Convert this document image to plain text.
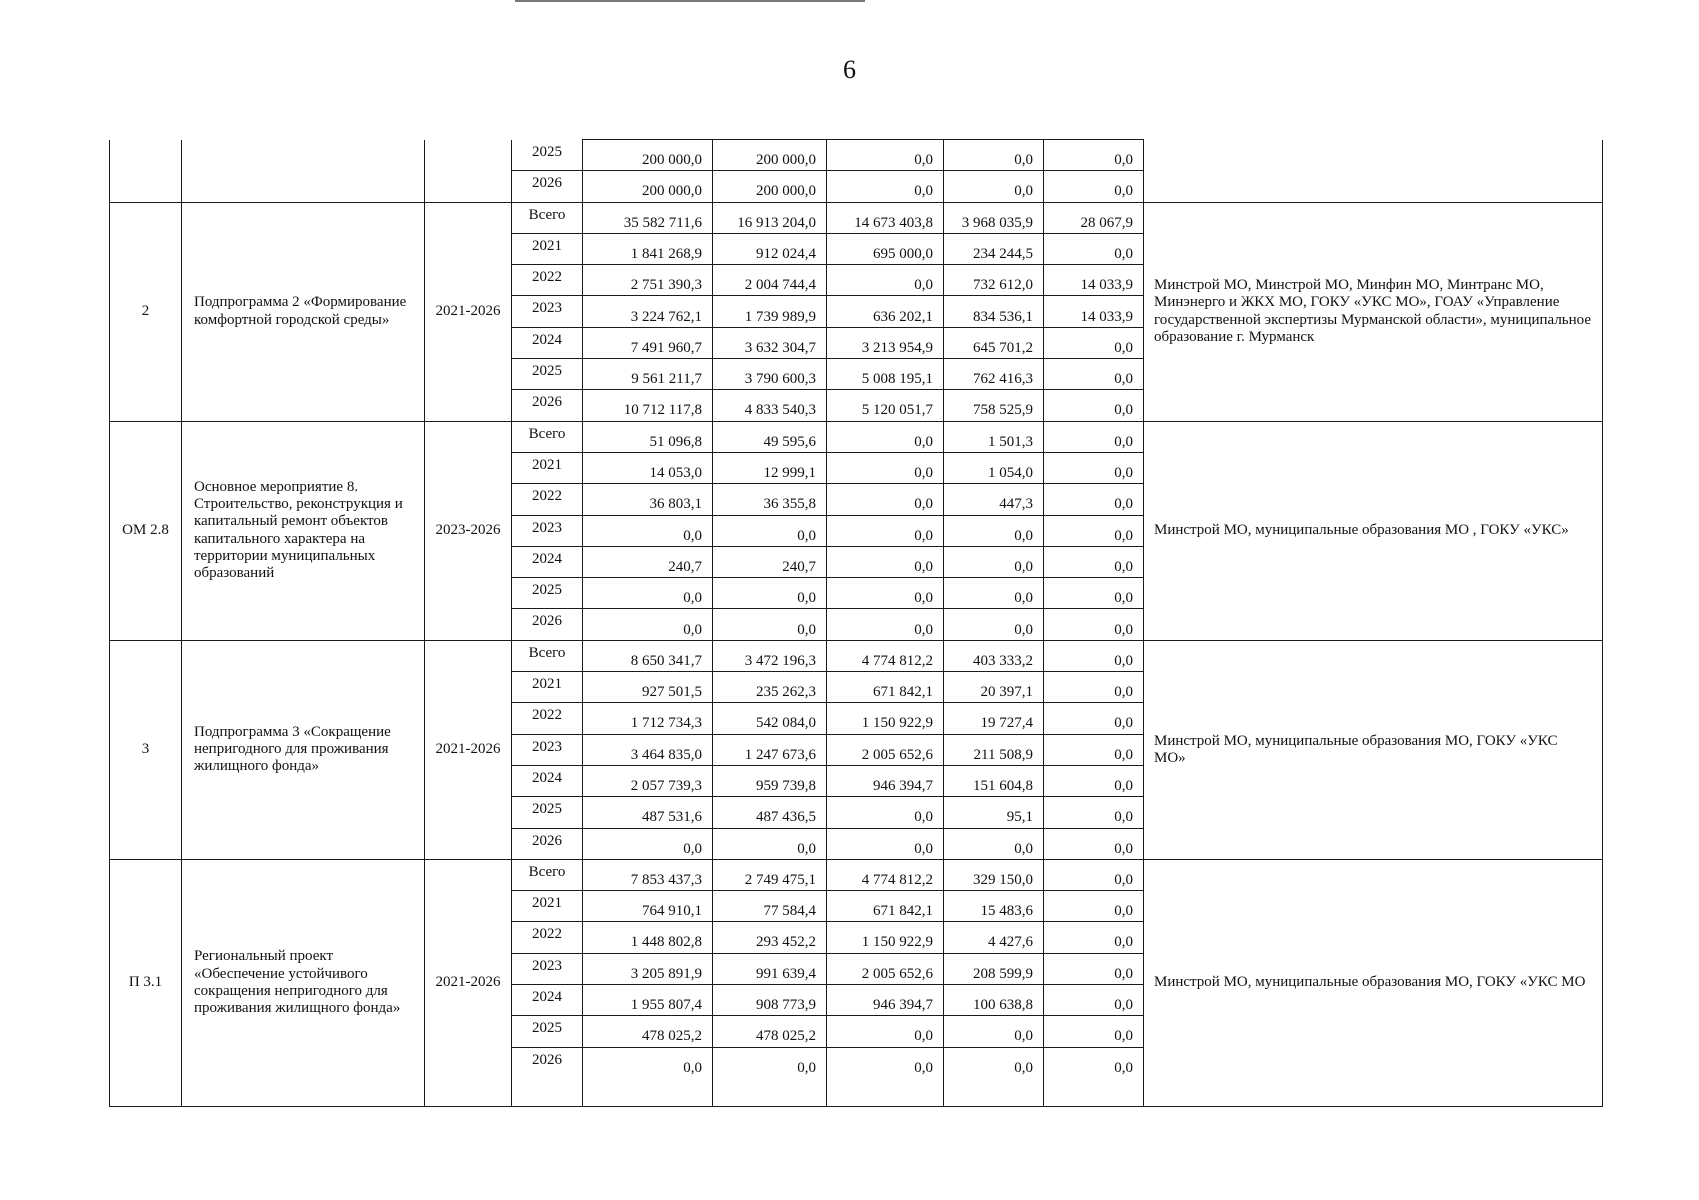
6
			2025	200 000,0	200 000,0	0,0	0,0	0,0	
			2026	200 000,0	200 000,0	0,0	0,0	0,0	
2	Подпрограмма 2 «Формирование комфортной городской среды»	2021-2026	Всего	35 582 711,6	16 913 204,0	14 673 403,8	3 968 035,9	28 067,9	Минстрой МО, Минстрой МО, Минфин МО, Минтранс МО, Минэнерго и ЖКХ МО, ГОКУ «УКС МО», ГОАУ «Управление государственной экспертизы Мурманской области», муниципальное образование г. Мурманск
			2021	1 841 268,9	912 024,4	695 000,0	234 244,5	0,0	
			2022	2 751 390,3	2 004 744,4	0,0	732 612,0	14 033,9	
			2023	3 224 762,1	1 739 989,9	636 202,1	834 536,1	14 033,9	
			2024	7 491 960,7	3 632 304,7	3 213 954,9	645 701,2	0,0	
			2025	9 561 211,7	3 790 600,3	5 008 195,1	762 416,3	0,0	
			2026	10 712 117,8	4 833 540,3	5 120 051,7	758 525,9	0,0	
ОМ 2.8	Основное мероприятие 8. Строительство, реконструкция и капитальный ремонт объектов капитального характера на территории муниципальных образований	2023-2026	Всего	51 096,8	49 595,6	0,0	1 501,3	0,0	Минстрой МО, муниципальные образования МО , ГОКУ «УКС»
			2021	14 053,0	12 999,1	0,0	1 054,0	0,0	
			2022	36 803,1	36 355,8	0,0	447,3	0,0	
			2023	0,0	0,0	0,0	0,0	0,0	
			2024	240,7	240,7	0,0	0,0	0,0	
			2025	0,0	0,0	0,0	0,0	0,0	
			2026	0,0	0,0	0,0	0,0	0,0	
3	Подпрограмма 3 «Сокращение непригодного для проживания жилищного фонда»	2021-2026	Всего	8 650 341,7	3 472 196,3	4 774 812,2	403 333,2	0,0	Минстрой МО, муниципальные образования МО, ГОКУ «УКС МО»
			2021	927 501,5	235 262,3	671 842,1	20 397,1	0,0	
			2022	1 712 734,3	542 084,0	1 150 922,9	19 727,4	0,0	
			2023	3 464 835,0	1 247 673,6	2 005 652,6	211 508,9	0,0	
			2024	2 057 739,3	959 739,8	946 394,7	151 604,8	0,0	
			2025	487 531,6	487 436,5	0,0	95,1	0,0	
			2026	0,0	0,0	0,0	0,0	0,0	
П 3.1	Региональный проект «Обеспечение устойчивого сокращения непригодного для проживания жилищного фонда»	2021-2026	Всего	7 853 437,3	2 749 475,1	4 774 812,2	329 150,0	0,0	Минстрой МО, муниципальные образования МО, ГОКУ «УКС МО
			2021	764 910,1	77 584,4	671 842,1	15 483,6	0,0	
			2022	1 448 802,8	293 452,2	1 150 922,9	4 427,6	0,0	
			2023	3 205 891,9	991 639,4	2 005 652,6	208 599,9	0,0	
			2024	1 955 807,4	908 773,9	946 394,7	100 638,8	0,0	
			2025	478 025,2	478 025,2	0,0	0,0	0,0	
			2026	0,0	0,0	0,0	0,0	0,0	
